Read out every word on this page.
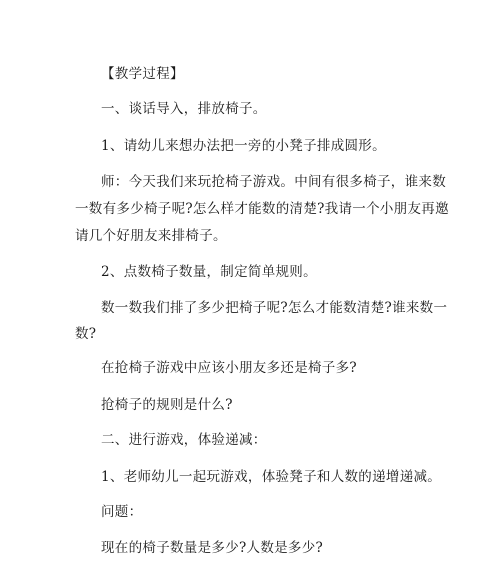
【教学过程】
一、谈话导入，排放椅子。
1、请幼儿来想办法把一旁的小凳子排成圆形。
师：今天我们来玩抢椅子游戏。中间有很多椅子，谁来数
一数有多少椅子呢?怎么样才能数的清楚?我请一个小朋友再邀
请几个好朋友来排椅子。
2、点数椅子数量，制定简单规则。
数一数我们排了多少把椅子呢?怎么才能数清楚?谁来数一
数?
在抢椅子游戏中应该小朋友多还是椅子多?
抢椅子的规则是什么?
二、进行游戏，体验递减：
1、老师幼儿一起玩游戏，体验凳子和人数的递增递减。
问题：
现在的椅子数量是多少?人数是多少?
